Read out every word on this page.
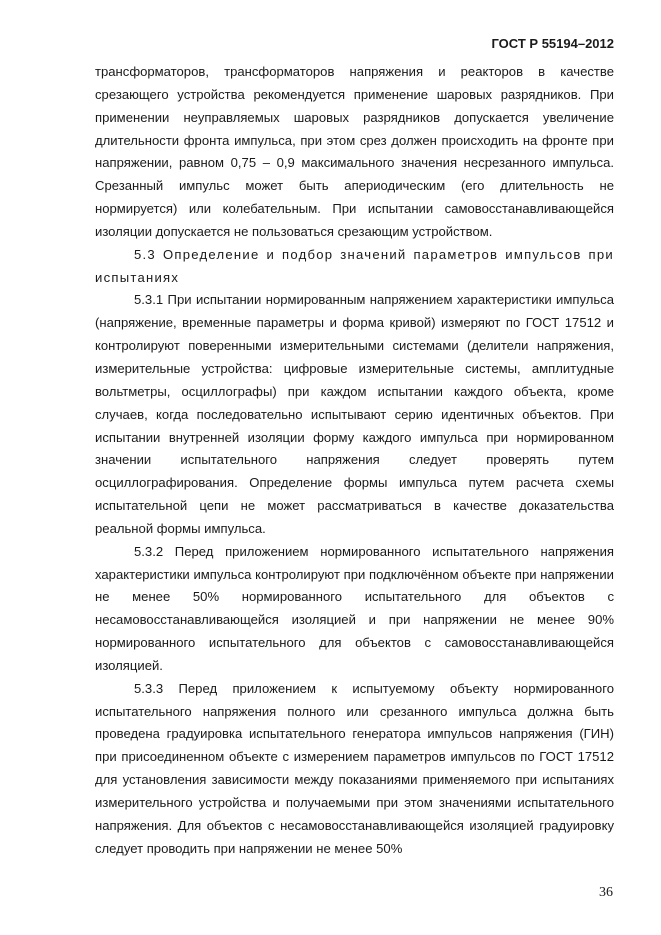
ГОСТ Р 55194–2012

трансформаторов, трансформаторов напряжения и реакторов в качестве срезающего устройства рекомендуется применение шаровых разрядников. При применении неуправляемых шаровых разрядников допускается увеличение длительности фронта импульса, при этом срез должен происходить на фронте при напряжении, равном 0,75 – 0,9 максимального значения несрезанного импульса. Срезанный импульс может быть апериодическим (его длительность не нормируется) или колебательным. При испытании самовосстанавливающейся изоляции допускается не пользоваться срезающим устройством.

5.3 Определение и подбор значений параметров импульсов при испытаниях

5.3.1 При испытании нормированным напряжением характеристики импульса (напряжение, временные параметры и форма кривой) измеряют по ГОСТ 17512 и контролируют поверенными измерительными системами (делители напряжения, измерительные устройства: цифровые измерительные системы, амплитудные вольтметры, осциллографы) при каждом испытании каждого объекта, кроме случаев, когда последовательно испытывают серию идентичных объектов. При испытании внутренней изоляции форму каждого импульса при нормированном значении испытательного напряжения следует проверять путем осциллографирования. Определение формы импульса путем расчета схемы испытательной цепи не может рассматриваться в качестве доказательства реальной формы импульса.

5.3.2 Перед приложением нормированного испытательного напряжения характеристики импульса контролируют при подключённом объекте при напряжении не менее 50% нормированного испытательного для объектов с несамовосстанавливающейся изоляцией и при напряжении не менее 90% нормированного испытательного для объектов с самовосстанавливающейся изоляцией.

5.3.3 Перед приложением к испытуемому объекту нормированного испытательного напряжения полного или срезанного импульса должна быть проведена градуировка испытательного генератора импульсов напряжения (ГИН) при присоединенном объекте с измерением параметров импульсов по ГОСТ 17512 для установления зависимости между показаниями применяемого при испытаниях измерительного устройства и получаемыми при этом значениями испытательного напряжения. Для объектов с несамовосстанавливающейся изоляцией градуировку следует проводить при напряжении не менее 50%

36
